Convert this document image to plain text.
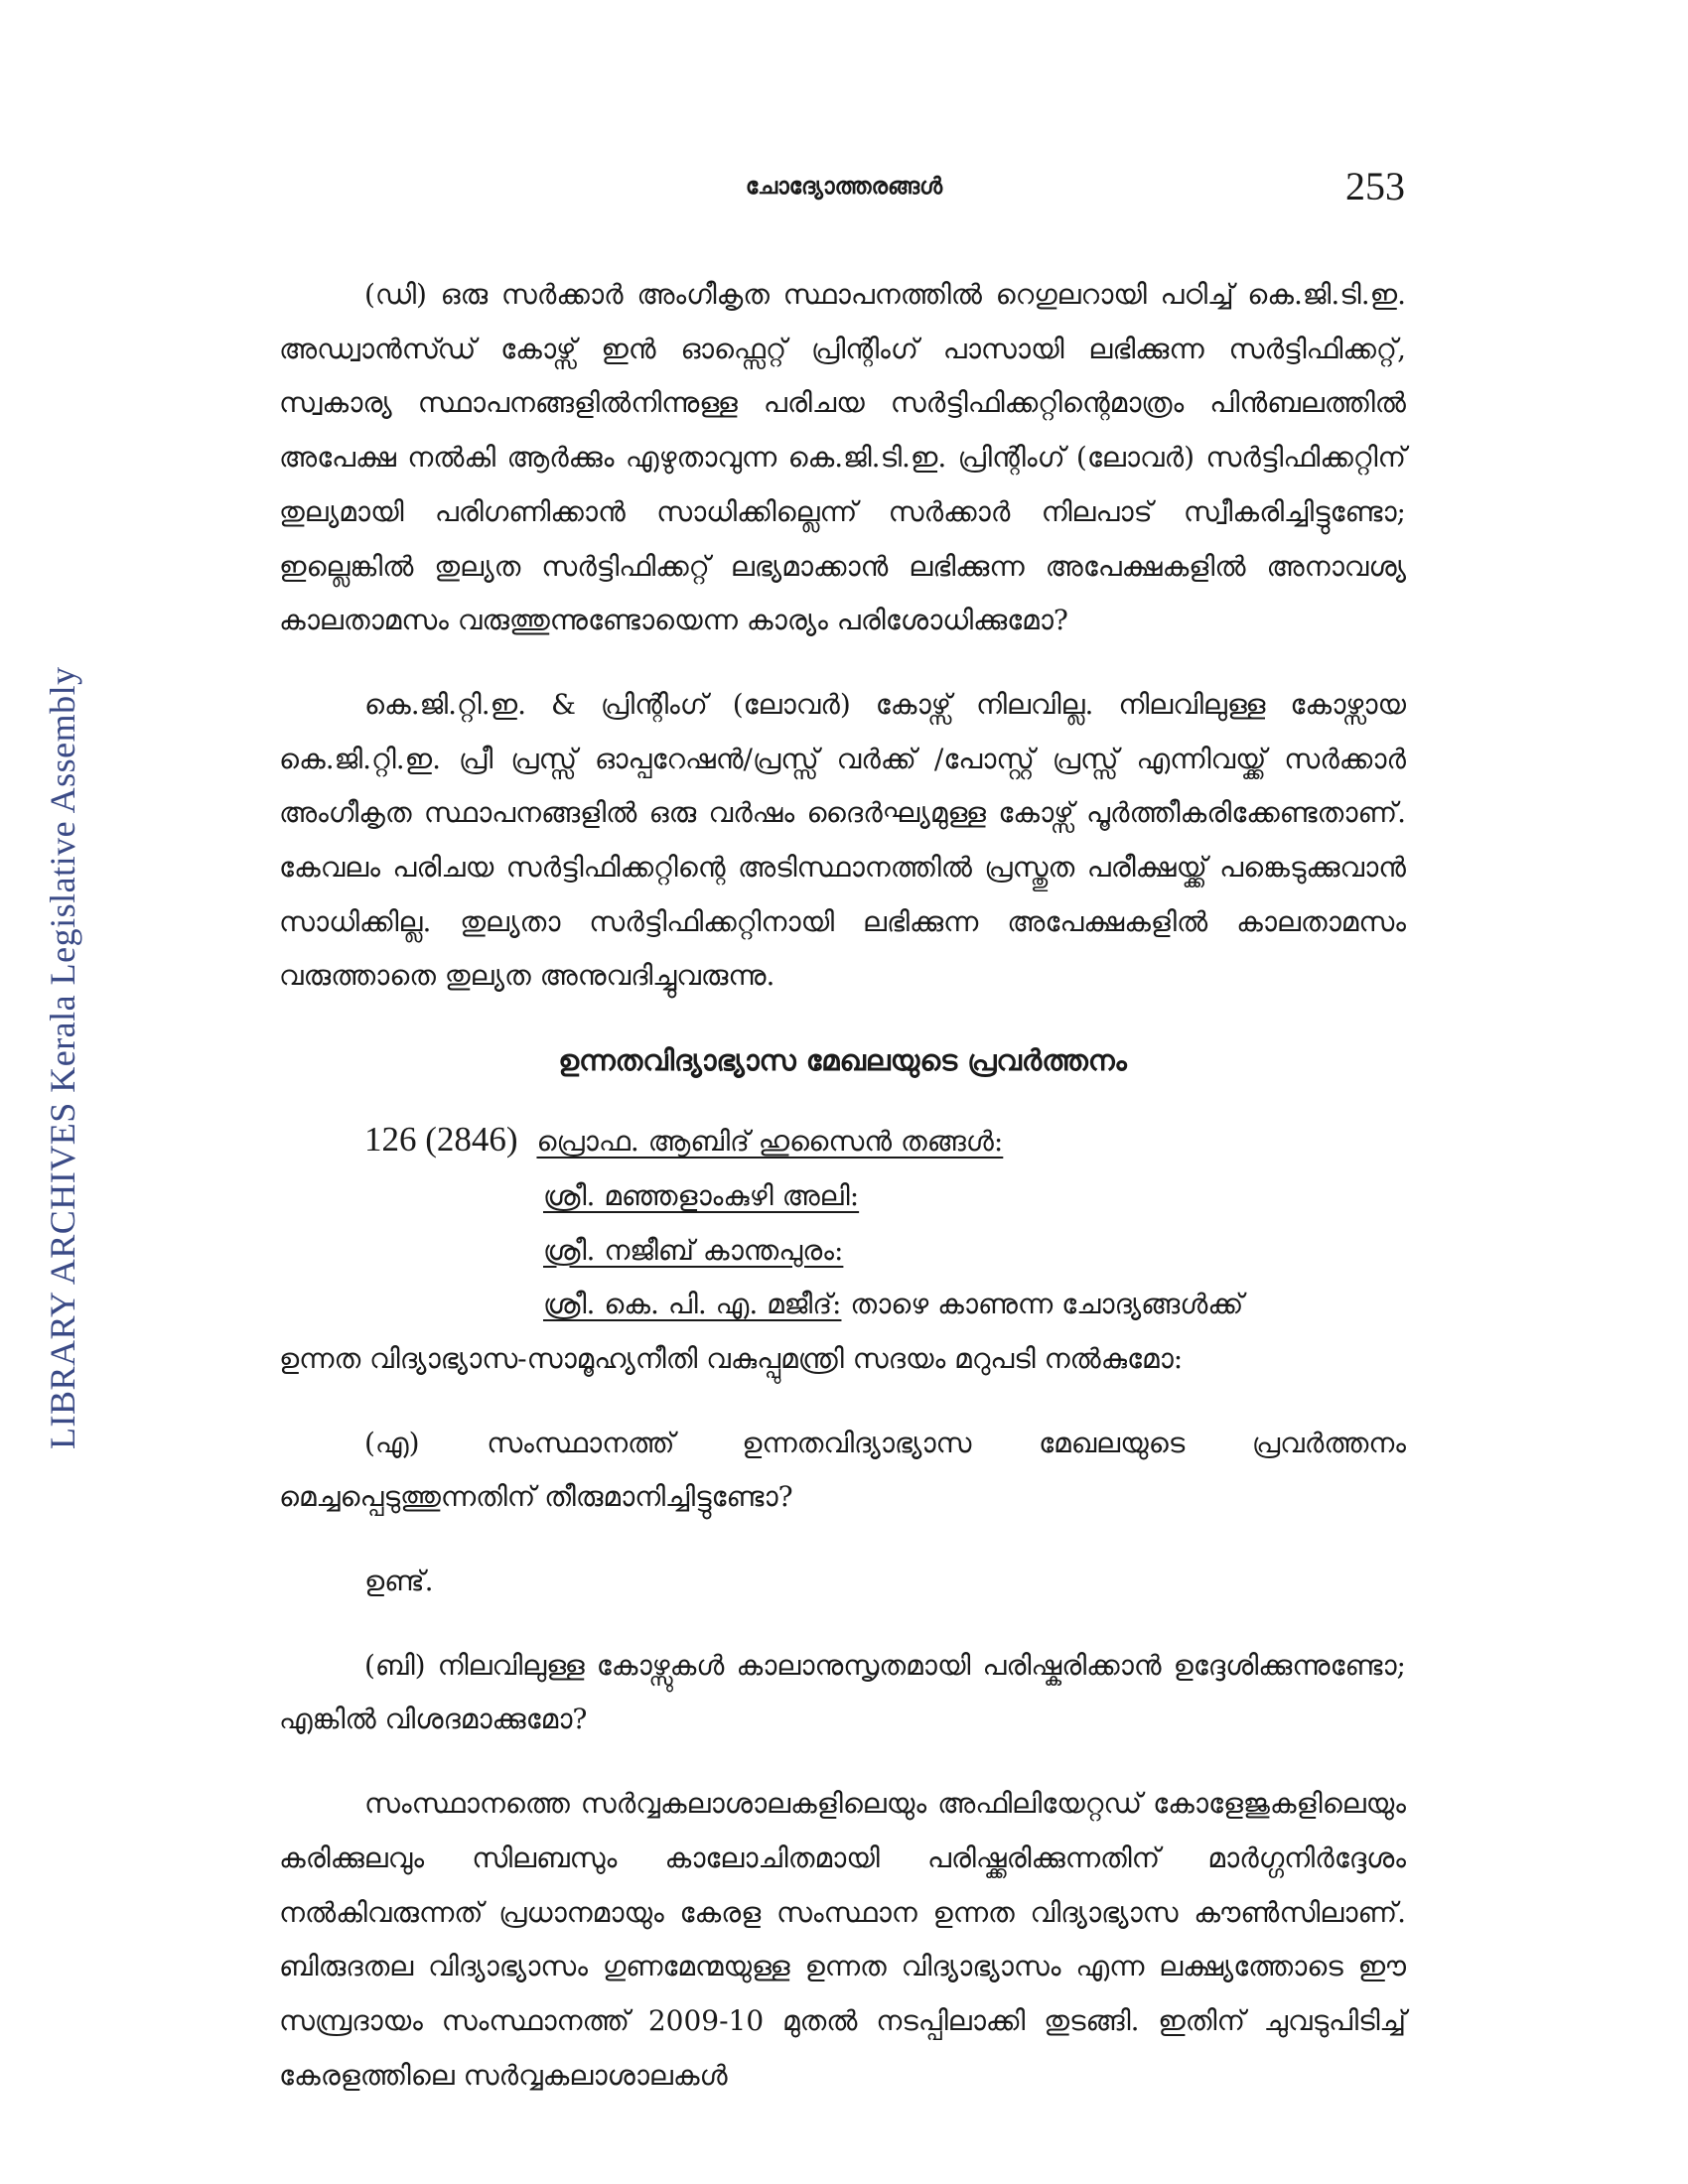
LIBRARY ARCHIVES Kerala Legislative Assembly
ചോദ്യോത്തരങ്ങൾ	253

(ഡി) ഒരു സർക്കാർ അംഗീകൃത സ്ഥാപനത്തിൽ റെഗുലറായി പഠിച്ച് കെ.ജി.ടി.ഇ. അഡ്വാൻസ്ഡ് കോഴ്സ് ഇൻ ഓഫ്സെറ്റ് പ്രിന്റിംഗ് പാസായി ലഭിക്കുന്ന സർട്ടിഫിക്കറ്റ്, സ്വകാര്യ സ്ഥാപനങ്ങളിൽനിന്നുള്ള പരിചയ സർട്ടിഫിക്കറ്റിന്റെമാത്രം പിൻബലത്തിൽ അപേക്ഷ നൽകി ആർക്കും എഴുതാവുന്ന കെ.ജി.ടി.ഇ. പ്രിന്റിംഗ് (ലോവർ) സർട്ടിഫിക്കറ്റിന് തുല്യമായി പരിഗണിക്കാൻ സാധിക്കില്ലെന്ന് സർക്കാർ നിലപാട് സ്വീകരിച്ചിട്ടുണ്ടോ; ഇല്ലെങ്കിൽ തുല്യത സർട്ടിഫിക്കറ്റ് ലഭ്യമാക്കാൻ ലഭിക്കുന്ന അപേക്ഷകളിൽ അനാവശ്യ കാലതാമസം വരുത്തുന്നുണ്ടോയെന്ന കാര്യം പരിശോധിക്കുമോ?

കെ.ജി.റ്റി.ഇ. & പ്രിന്റിംഗ് (ലോവർ) കോഴ്സ് നിലവില്ല. നിലവിലുള്ള കോഴ്സായ കെ.ജി.റ്റി.ഇ. പ്രീ പ്രസ്സ് ഓപ്പറേഷൻ/പ്രസ്സ് വർക്ക് /പോസ്റ്റ് പ്രസ്സ് എന്നിവയ്ക്ക് സർക്കാർ അംഗീകൃത സ്ഥാപനങ്ങളിൽ ഒരു വർഷം ദൈർഘ്യമുള്ള കോഴ്സ് പൂർത്തീകരിക്കേണ്ടതാണ്. കേവലം പരിചയ സർട്ടിഫിക്കറ്റിന്റെ അടിസ്ഥാനത്തിൽ പ്രസ്തുത പരീക്ഷയ്ക്ക് പങ്കെടുക്കുവാൻ സാധിക്കില്ല. തുല്യതാ സർട്ടിഫിക്കറ്റിനായി ലഭിക്കുന്ന അപേക്ഷകളിൽ കാലതാമസം വരുത്താതെ തുല്യത അനുവദിച്ചുവരുന്നു.

ഉന്നതവിദ്യാഭ്യാസ മേഖലയുടെ പ്രവർത്തനം
126 (2846) പ്രൊഫ. ആബിദ് ഹുസൈൻ തങ്ങൾ:
ശ്രീ. മഞ്ഞളാംകുഴി അലി:
ശ്രീ. നജീബ് കാന്തപുരം:
ശ്രീ. കെ. പി. എ. മജീദ്: താഴെ കാണുന്ന ചോദ്യങ്ങൾക്ക്
ഉന്നത വിദ്യാഭ്യാസ-സാമൂഹ്യനീതി വകുപ്പുമന്ത്രി സദയം മറുപടി നൽകുമോ:

(എ) സംസ്ഥാനത്ത് ഉന്നതവിദ്യാഭ്യാസ മേഖലയുടെ പ്രവർത്തനം മെച്ചപ്പെടുത്തുന്നതിന് തീരുമാനിച്ചിട്ടുണ്ടോ?

ഉണ്ട്.

(ബി) നിലവിലുള്ള കോഴ്സുകൾ കാലാനുസൃതമായി പരിഷ്കരിക്കാൻ ഉദ്ദേശിക്കുന്നുണ്ടോ; എങ്കിൽ വിശദമാക്കുമോ?

സംസ്ഥാനത്തെ സർവ്വകലാശാലകളിലെയും അഫിലിയേറ്റഡ് കോളേജുകളിലെയും കരിക്കുലവും സിലബസും കാലോചിതമായി പരിഷ്ക്കരിക്കുന്നതിന് മാർഗ്ഗനിർദ്ദേശം നൽകിവരുന്നത് പ്രധാനമായും കേരള സംസ്ഥാന ഉന്നത വിദ്യാഭ്യാസ കൗൺസിലാണ്. ബിരുദതല വിദ്യാഭ്യാസം ഗുണമേന്മയുള്ള ഉന്നത വിദ്യാഭ്യാസം എന്ന ലക്ഷ്യത്തോടെ ഈ സമ്പ്രദായം സംസ്ഥാനത്ത് 2009-10 മുതൽ നടപ്പിലാക്കി തുടങ്ങി. ഇതിന് ചുവടുപിടിച്ച് കേരളത്തിലെ സർവ്വകലാശാലകൾ
